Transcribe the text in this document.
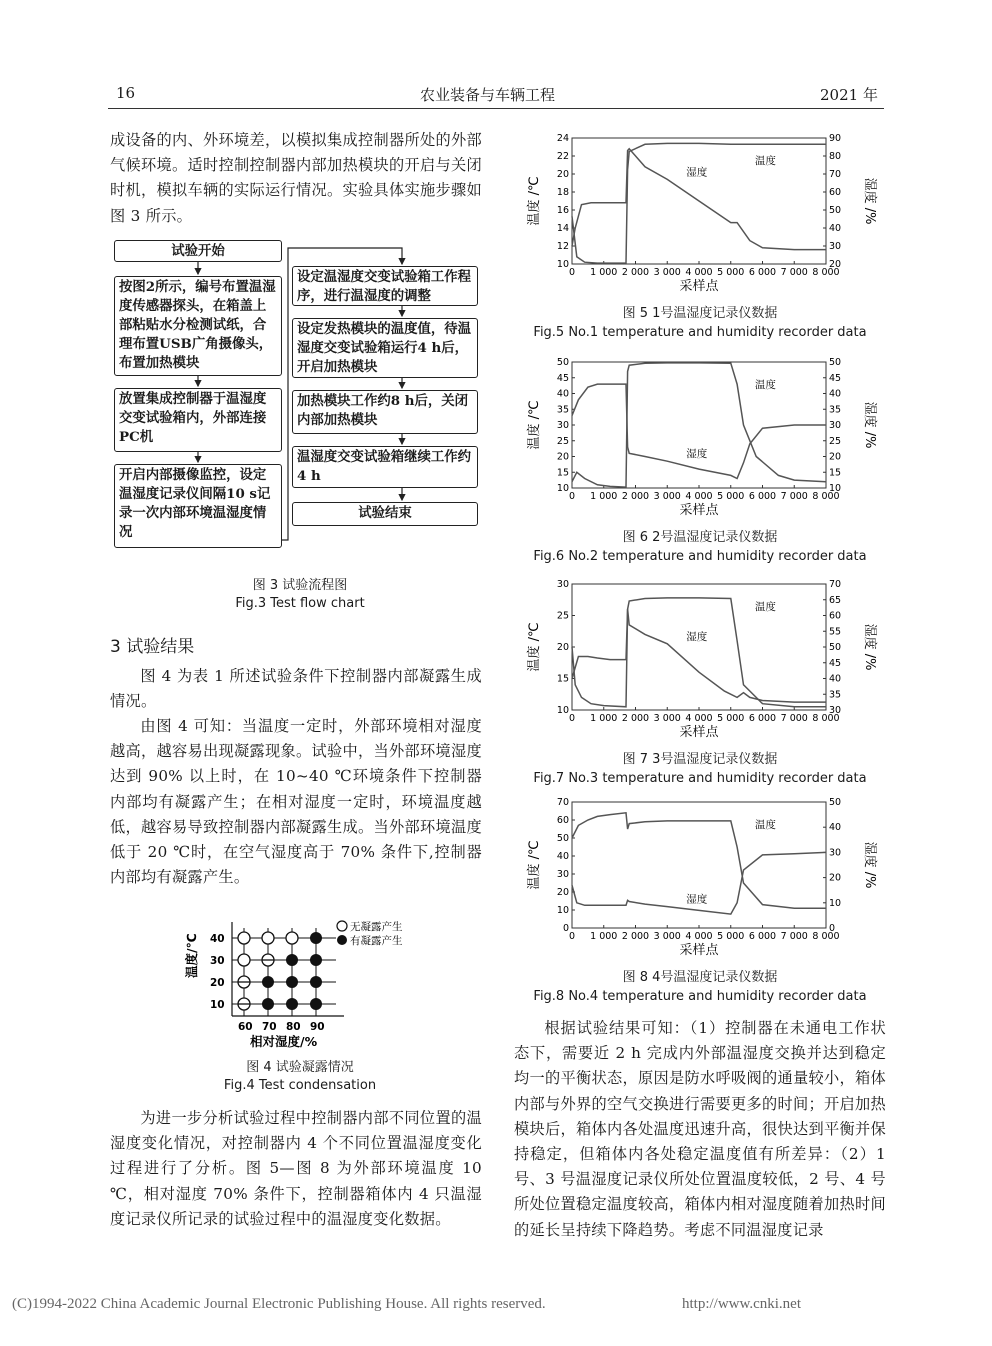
16	农业装备与车辆工程	2021 年
成设备的内、外环境差，以模拟集成控制器所处的外部气候环境。适时控制控制器内部加热模块的开启与关闭时机，模拟车辆的实际运行情况。实验具体实施步骤如图 3 所示。
试验开始
按图2所示，编号布置温湿度传感器探头，在箱盖上部粘贴水分检测试纸，合理布置USB广角摄像头，布置加热模块
放置集成控制器于温湿度交变试验箱内，外部连接PC机
开启内部摄像监控，设定温湿度记录仪间隔10 s记录一次内部环境温湿度情况
设定温湿度交变试验箱工作程序，进行温湿度的调整
设定发热模块的温度值，待温湿度交变试验箱运行4 h后，开启加热模块
加热模块工作约8 h后，关闭内部加热模块
温湿度交变试验箱继续工作约4 h
试验结束
图 3 试验流程图
Fig.3 Test flow chart
3 试验结果
图 4 为表 1 所述试验条件下控制器内部凝露生成情况。
由图 4 可知：当温度一定时，外部环境相对湿度越高，越容易出现凝露现象。试验中，当外部环境湿度达到 90% 以上时，在 10~40 ℃环境条件下控制器内部均有凝露产生；在相对湿度一定时，环境温度越低，越容易导致控制器内部凝露生成。当外部环境温度低于 20 ℃时，在空气湿度高于 70% 条件下,控制器内部均有凝露产生。
60 70 80 90
10
20
30
40
温度/℃
相对湿度/%
无凝露产生
有凝露产生
图 4 试验凝露情况
Fig.4 Test condensation
为进一步分析试验过程中控制器内部不同位置的温湿度变化情况，对控制器内 4 个不同位置温湿度变化过程进行了分析。图 5—图 8 为外部环境温度 10 ℃，相对湿度 70% 条件下，控制器箱体内 4 只温湿度记录仪所记录的试验过程中的温湿度变化数据。
0 1 000 2 000 3 000 4 000 5 000 6 000 7 000 8 000
10
12
14
16
18
20
22
24
20
30
40
50
60
70
80
90
采样点
温度 /℃	湿度 /%
温度
湿度
图 5 1号温湿度记录仪数据
Fig.5 No.1 temperature and humidity recorder data
0 1 000 2 000 3 000 4 000 5 000 6 000 7 000 8 000
10
15
20
25
30
35
40
45
50
10
15
20
25
30
35
40
45
50
采样点
温度 /℃	湿度 /%
温度
湿度
图 6 2号温湿度记录仪数据
Fig.6 No.2 temperature and humidity recorder data
0 1 000 2 000 3 000 4 000 5 000 6 000 7 000 8 000
10
15
20
25
30
30
35
40
45
50
55
60
65
70
采样点
温度 /℃	湿度 /%
温度
湿度
图 7 3号温湿度记录仪数据
Fig.7 No.3 temperature and humidity recorder data
0 1 000 2 000 3 000 4 000 5 000 6 000 7 000 8 000
0
10
20
30
40
50
60
70
0
10
20
30
40
50
采样点
温度 /℃	湿度 /%
温度
湿度
图 8 4号温湿度记录仪数据
Fig.8 No.4 temperature and humidity recorder data
根据试验结果可知：（1）控制器在未通电工作状态下，需要近 2 h 完成内外部温湿度交换并达到稳定均一的平衡状态，原因是防水呼吸阀的通量较小，箱体内部与外界的空气交换进行需要更多的时间；开启加热模块后，箱体内各处温度迅速升高，很快达到平衡并保持稳定，但箱体内各处稳定温度值有所差异：（2）1 号、3 号温湿度记录仪所处位置温度较低，2 号、4 号所处位置稳定温度较高，箱体内相对湿度随着加热时间的延长呈持续下降趋势。考虑不同温湿度记录
(C)1994-2022 China Academic Journal Electronic Publishing House. All rights reserved.	http://www.cnki.net
